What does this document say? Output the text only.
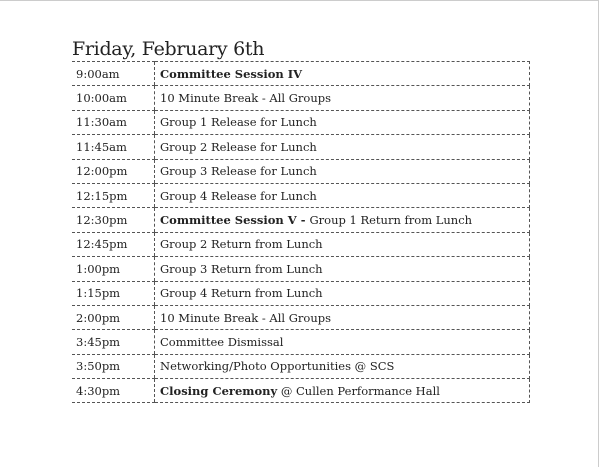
Friday, February 6th
9:00am	Committee Session IV
10:00am	10 Minute Break - All Groups
11:30am	Group 1 Release for Lunch
11:45am	Group 2 Release for Lunch
12:00pm	Group 3 Release for Lunch
12:15pm	Group 4 Release for Lunch
12:30pm	Committee Session V - Group 1 Return from Lunch
12:45pm	Group 2 Return from Lunch
1:00pm	Group 3 Return from Lunch
1:15pm	Group 4 Return from Lunch
2:00pm	10 Minute Break - All Groups
3:45pm	Committee Dismissal
3:50pm	Networking/Photo Opportunities @ SCS
4:30pm	Closing Ceremony @ Cullen Performance Hall
